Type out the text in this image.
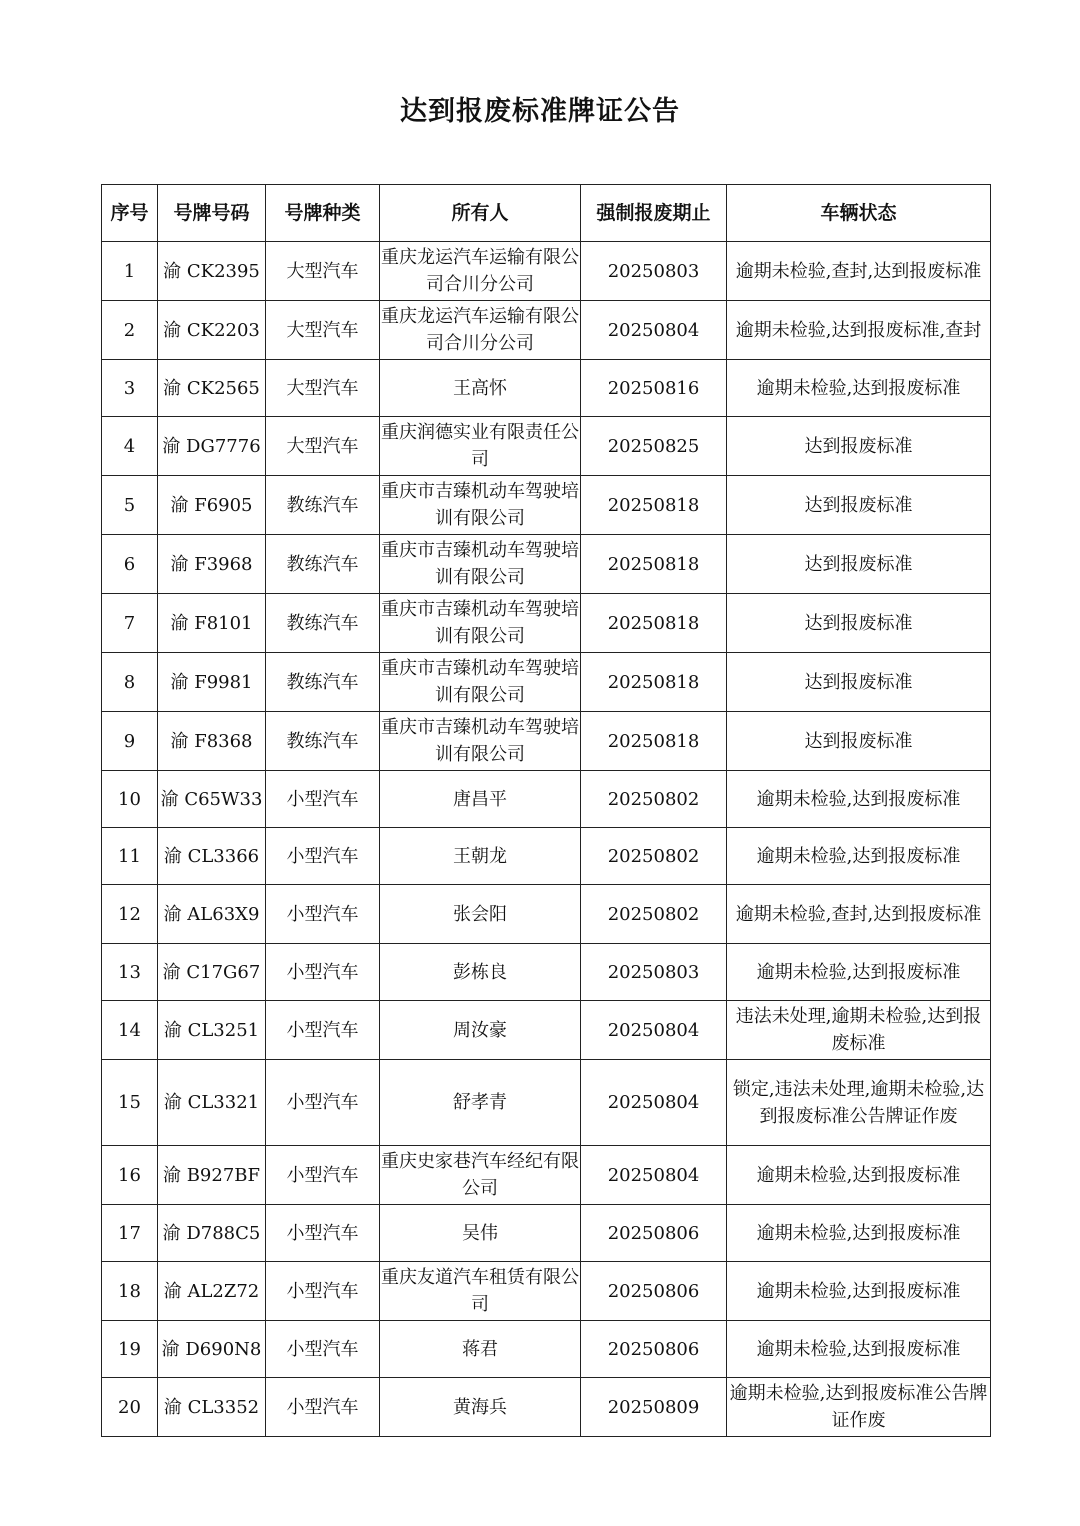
达到报废标准牌证公告
序号	号牌号码	号牌种类	所有人	强制报废期止	车辆状态
1	渝 CK2395	大型汽车	重庆龙运汽车运输有限公司合川分公司	20250803	逾期未检验,查封,达到报废标准
2	渝 CK2203	大型汽车	重庆龙运汽车运输有限公司合川分公司	20250804	逾期未检验,达到报废标准,查封
3	渝 CK2565	大型汽车	王高怀	20250816	逾期未检验,达到报废标准
4	渝 DG7776	大型汽车	重庆润德实业有限责任公司	20250825	达到报废标准
5	渝 F6905	教练汽车	重庆市吉臻机动车驾驶培训有限公司	20250818	达到报废标准
6	渝 F3968	教练汽车	重庆市吉臻机动车驾驶培训有限公司	20250818	达到报废标准
7	渝 F8101	教练汽车	重庆市吉臻机动车驾驶培训有限公司	20250818	达到报废标准
8	渝 F9981	教练汽车	重庆市吉臻机动车驾驶培训有限公司	20250818	达到报废标准
9	渝 F8368	教练汽车	重庆市吉臻机动车驾驶培训有限公司	20250818	达到报废标准
10	渝 C65W33	小型汽车	唐昌平	20250802	逾期未检验,达到报废标准
11	渝 CL3366	小型汽车	王朝龙	20250802	逾期未检验,达到报废标准
12	渝 AL63X9	小型汽车	张会阳	20250802	逾期未检验,查封,达到报废标准
13	渝 C17G67	小型汽车	彭栋良	20250803	逾期未检验,达到报废标准
14	渝 CL3251	小型汽车	周汝豪	20250804	违法未处理,逾期未检验,达到报废标准
15	渝 CL3321	小型汽车	舒孝青	20250804	锁定,违法未处理,逾期未检验,达到报废标准公告牌证作废
16	渝 B927BF	小型汽车	重庆史家巷汽车经纪有限公司	20250804	逾期未检验,达到报废标准
17	渝 D788C5	小型汽车	吴伟	20250806	逾期未检验,达到报废标准
18	渝 AL2Z72	小型汽车	重庆友道汽车租赁有限公司	20250806	逾期未检验,达到报废标准
19	渝 D690N8	小型汽车	蒋君	20250806	逾期未检验,达到报废标准
20	渝 CL3352	小型汽车	黄海兵	20250809	逾期未检验,达到报废标准公告牌证作废
